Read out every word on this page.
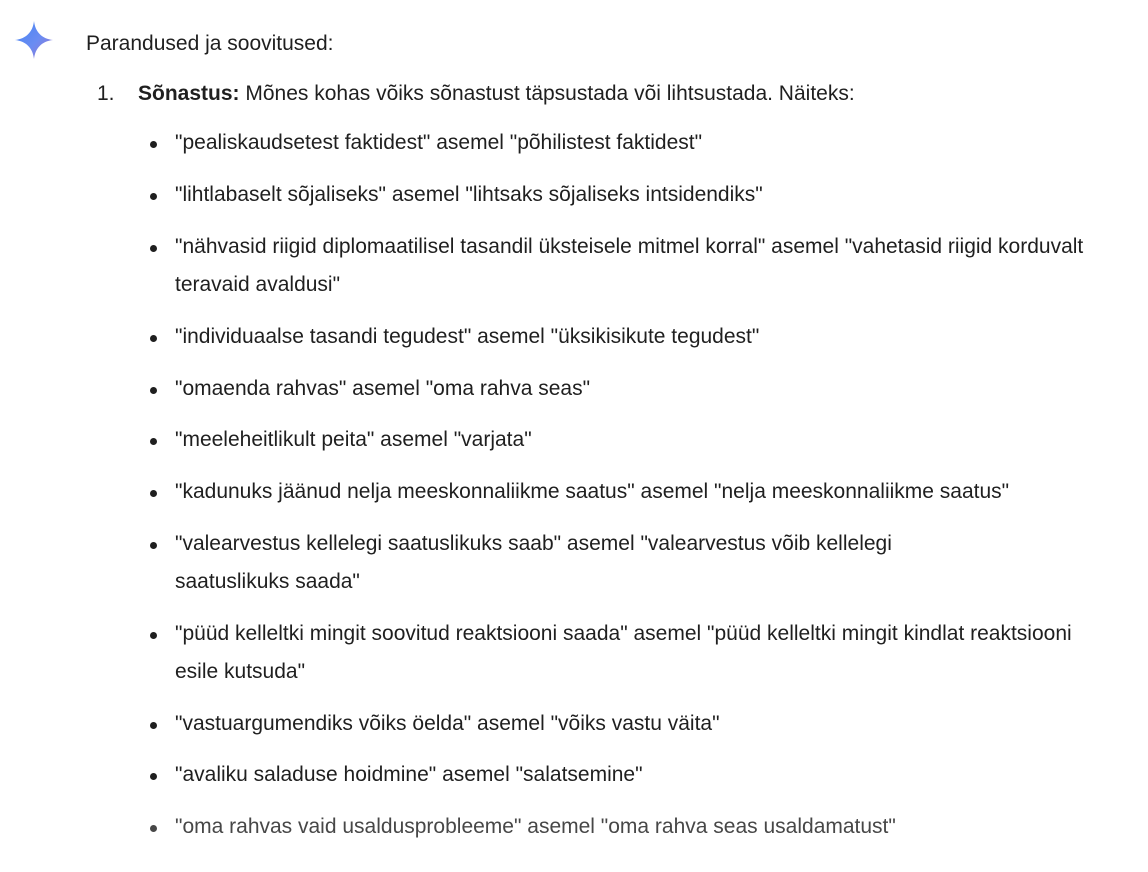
Parandused ja soovitused:

1. Sõnastus: Mõnes kohas võiks sõnastust täpsustada või lihtsustada. Näiteks:

"pealiskaudsetest faktidest" asemel "põhilistest faktidest"

"lihtlabaselt sõjaliseks" asemel "lihtsaks sõjaliseks intsidendiks"

"nähvasid riigid diplomaatilisel tasandil üksteisele mitmel korral" asemel "vahetasid riigid korduvalt teravaid avaldusi"

"individuaalse tasandi tegudest" asemel "üksikisikute tegudest"

"omaenda rahvas" asemel "oma rahva seas"

"meeleheitlikult peita" asemel "varjata"

"kadunuks jäänud nelja meeskonnaliikme saatus" asemel "nelja meeskonnaliikme saatus"

"valearvestus kellelegi saatuslikuks saab" asemel "valearvestus võib kellelegi saatuslikuks saada"

"püüd kelleltki mingit soovitud reaktsiooni saada" asemel "püüd kelleltki mingit kindlat reaktsiooni esile kutsuda"

"vastuargumendiks võiks öelda" asemel "võiks vastu väita"

"avaliku saladuse hoidmine" asemel "salatsemine"

"oma rahvas vaid usaldusprobleeme" asemel "oma rahva seas usaldamatust"
